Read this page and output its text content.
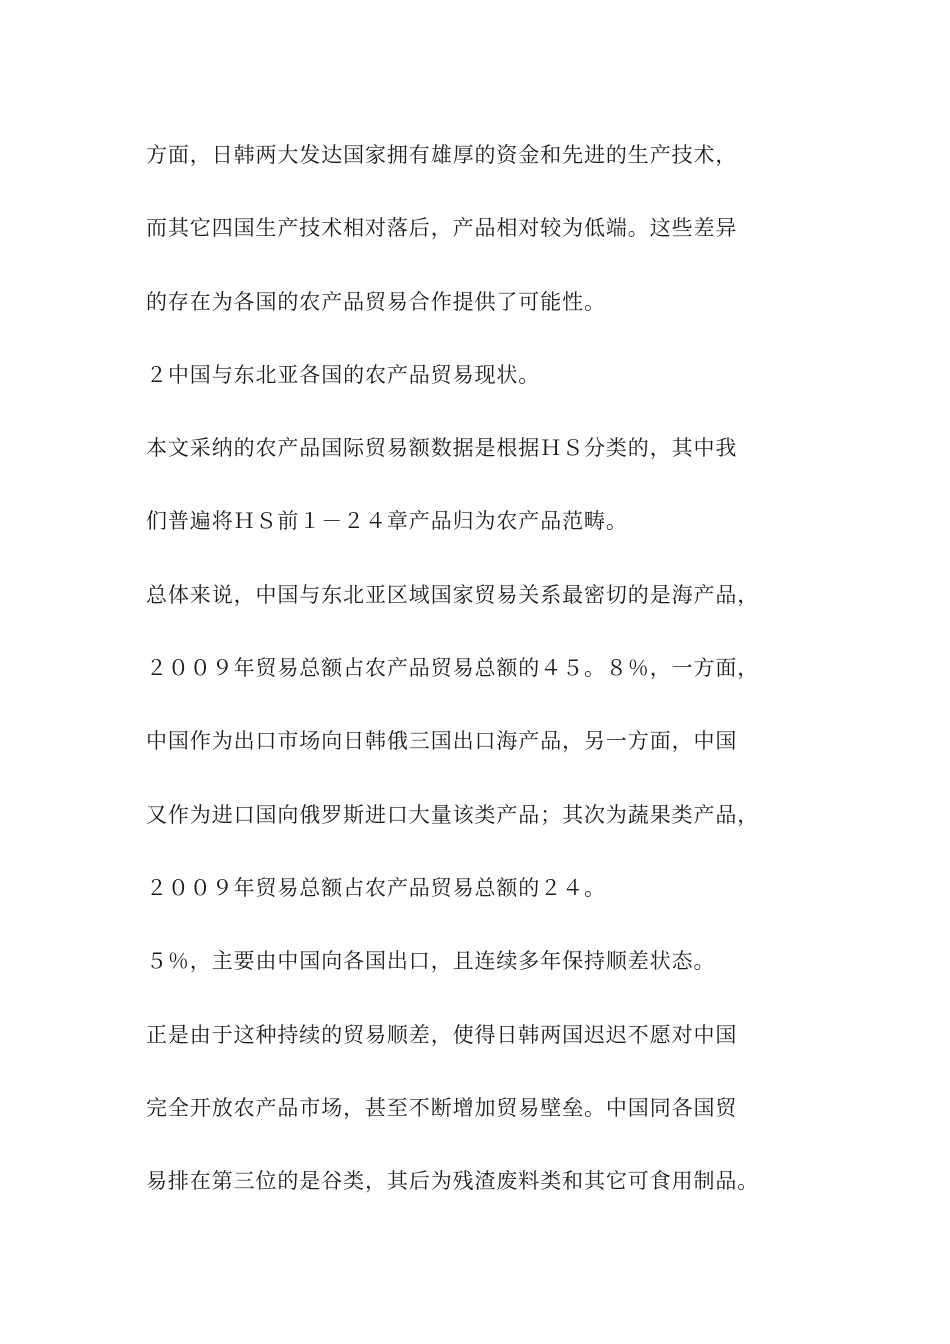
方面，日韩两大发达国家拥有雄厚的资金和先进的生产技术，
而其它四国生产技术相对落后，产品相对较为低端。这些差异
的存在为各国的农产品贸易合作提供了可能性。
２中国与东北亚各国的农产品贸易现状。
本文采纳的农产品国际贸易额数据是根据ＨＳ分类的，其中我
们普遍将ＨＳ前１－２４章产品归为农产品范畴。
总体来说，中国与东北亚区域国家贸易关系最密切的是海产品，
２００９年贸易总额占农产品贸易总额的４５。８％，一方面，
中国作为出口市场向日韩俄三国出口海产品，另一方面，中国
又作为进口国向俄罗斯进口大量该类产品；其次为蔬果类产品，
２００９年贸易总额占农产品贸易总额的２４。
５％，主要由中国向各国出口，且连续多年保持顺差状态。
正是由于这种持续的贸易顺差，使得日韩两国迟迟不愿对中国
完全开放农产品市场，甚至不断增加贸易壁垒。中国同各国贸
易排在第三位的是谷类，其后为残渣废料类和其它可食用制品。
